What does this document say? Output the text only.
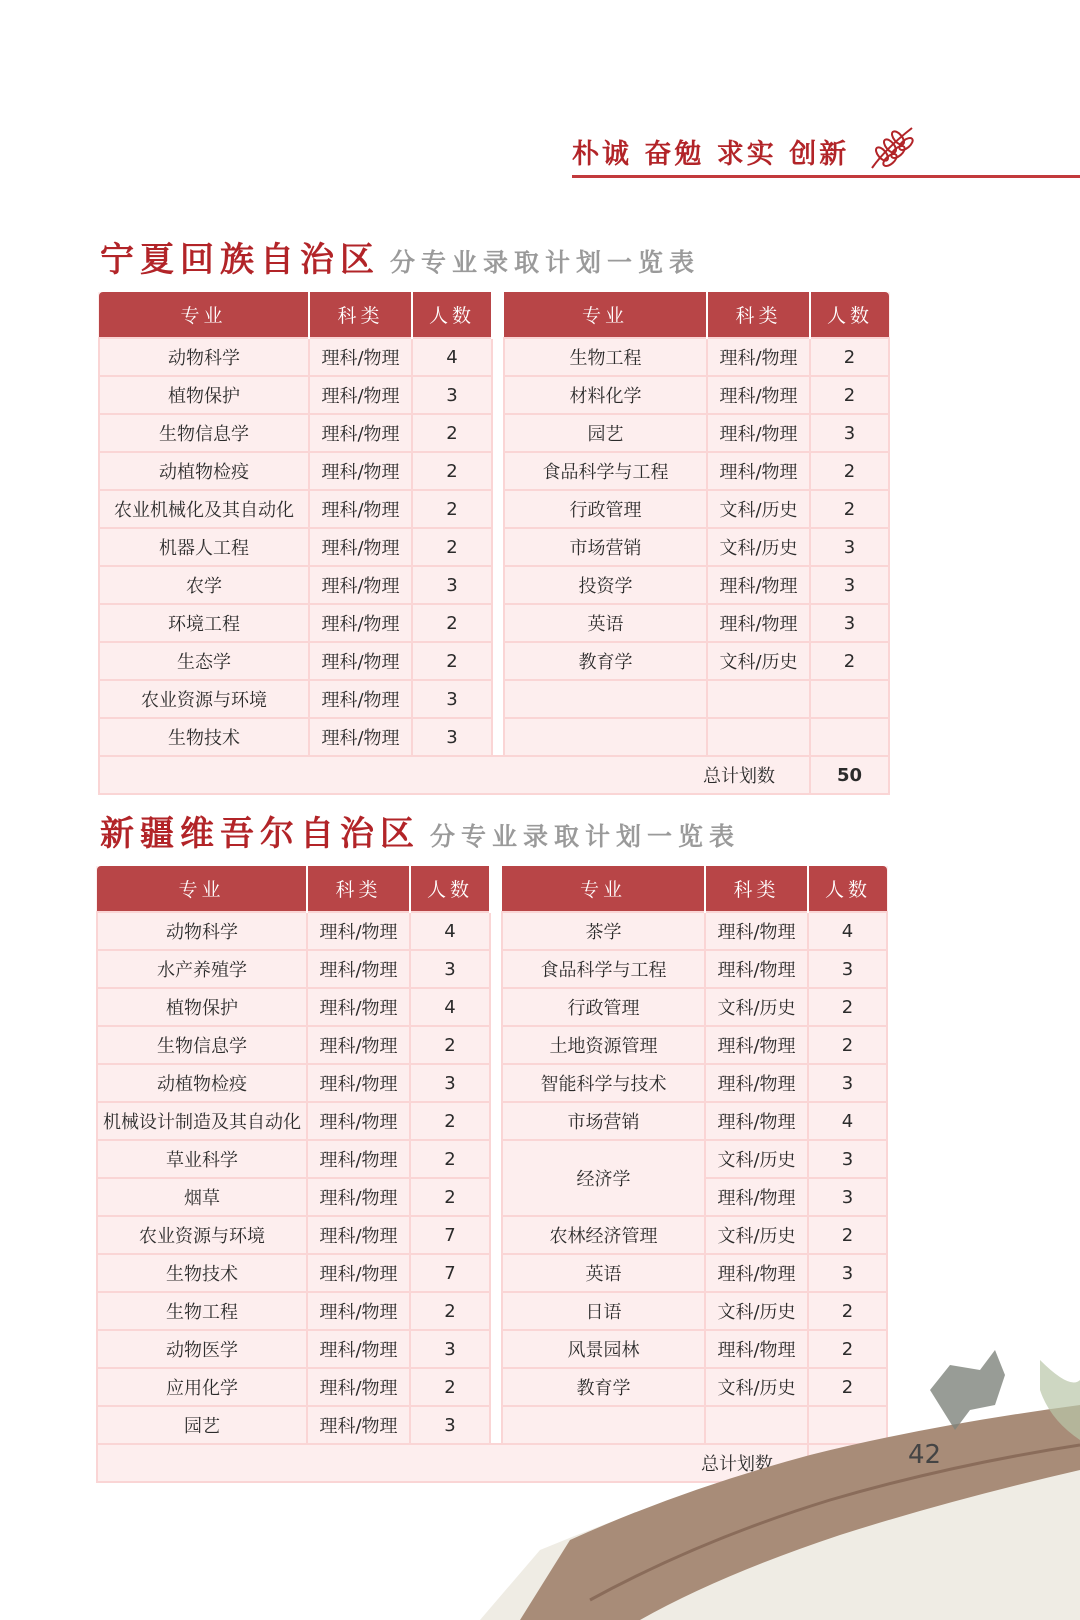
朴诚 奋勉 求实 创新
宁夏回族自治区 分专业录取计划一览表
专业	科类	人数		专业	科类	人数
动物科学	理科/物理	4		生物工程	理科/物理	2
植物保护	理科/物理	3		材料化学	理科/物理	2
生物信息学	理科/物理	2		园艺	理科/物理	3
动植物检疫	理科/物理	2		食品科学与工程	理科/物理	2
农业机械化及其自动化	理科/物理	2		行政管理	文科/历史	2
机器人工程	理科/物理	2		市场营销	文科/历史	3
农学	理科/物理	3		投资学	理科/物理	3
环境工程	理科/物理	2		英语	理科/物理	3
生态学	理科/物理	2		教育学	文科/历史	2
农业资源与环境	理科/物理	3				
生物技术	理科/物理	3				
总计划数						50
新疆维吾尔自治区 分专业录取计划一览表
专业	科类	人数		专业	科类	人数
动物科学	理科/物理	4		茶学	理科/物理	4
水产养殖学	理科/物理	3		食品科学与工程	理科/物理	3
植物保护	理科/物理	4		行政管理	文科/历史	2
生物信息学	理科/物理	2		土地资源管理	理科/物理	2
动植物检疫	理科/物理	3		智能科学与技术	理科/物理	3
机械设计制造及其自动化	理科/物理	2		市场营销	理科/物理	4
草业科学	理科/物理	2		经济学	文科/历史	3
烟草	理科/物理	2			理科/物理	3
农业资源与环境	理科/物理	7		农林经济管理	文科/历史	2
生物技术	理科/物理	7		英语	理科/物理	3
生物工程	理科/物理	2		日语	文科/历史	2
动物医学	理科/物理	3		风景园林	理科/物理	2
应用化学	理科/物理	2		教育学	文科/历史	2
园艺	理科/物理	3				
总计划数		42
